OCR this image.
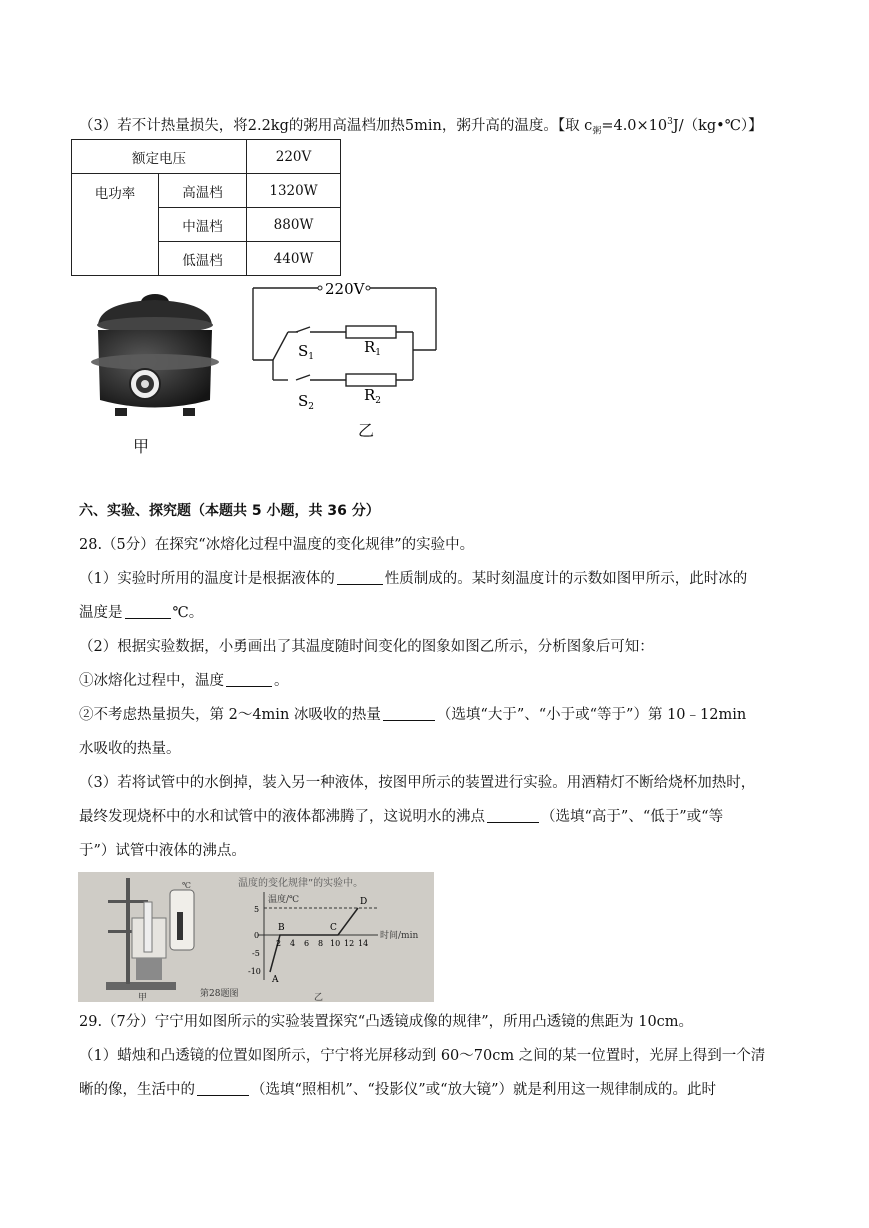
（3）若不计热量损失，将2.2kg的粥用高温档加热5min，粥升高的温度。【取 $c_粥=4.0\times 10^3J/(kg•℃)$】
额定电压		220V
电功率	高温档	1320W
	中温档	880W
	低温档	440W
甲
220V
$S_1$
$R_1$
$S_2$
$R_2$
乙
六、实验、探究题（本题共 5 小题，共 36 分）
28.（5分）在探究“冰熔化过程中温度的变化规律”的实验中。
（1）实验时所用的温度计是根据液体的	性质制成的。某时刻温度计的示数如图甲所示，此时冰的
温度是	℃。
（2）根据实验数据，小勇画出了其温度随时间变化的图象如图乙所示，分析图象后可知：
①冰熔化过程中，温度	。
②不考虑热量损失，第 2～4min 冰吸收的热量	（选填“大于”、“小于或“等于”）第 10﹣12min
水吸收的热量。
（3）若将试管中的水倒掉，装入另一种液体，按图甲所示的装置进行实验。用酒精灯不断给烧杯加热时，
最终发现烧杯中的水和试管中的液体都沸腾了，这说明水的沸点	（选填“高于”、“低于”或“等
于”）试管中液体的沸点。
温度的变化规律”的实验中。
℃
甲
温度/℃
时间/min
2 4 6 8 10 12 14
5
0
-5
-10
A
B	C
D
第28题图	乙
29.（7分）宁宁用如图所示的实验装置探究“凸透镜成像的规律”，所用凸透镜的焦距为 10cm。
（1）蜡烛和凸透镜的位置如图所示，宁宁将光屏移动到 60～70cm 之间的某一位置时，光屏上得到一个清
晰的像，生活中的	（选填“照相机”、“投影仪”或“放大镜”）就是利用这一规律制成的。此时
